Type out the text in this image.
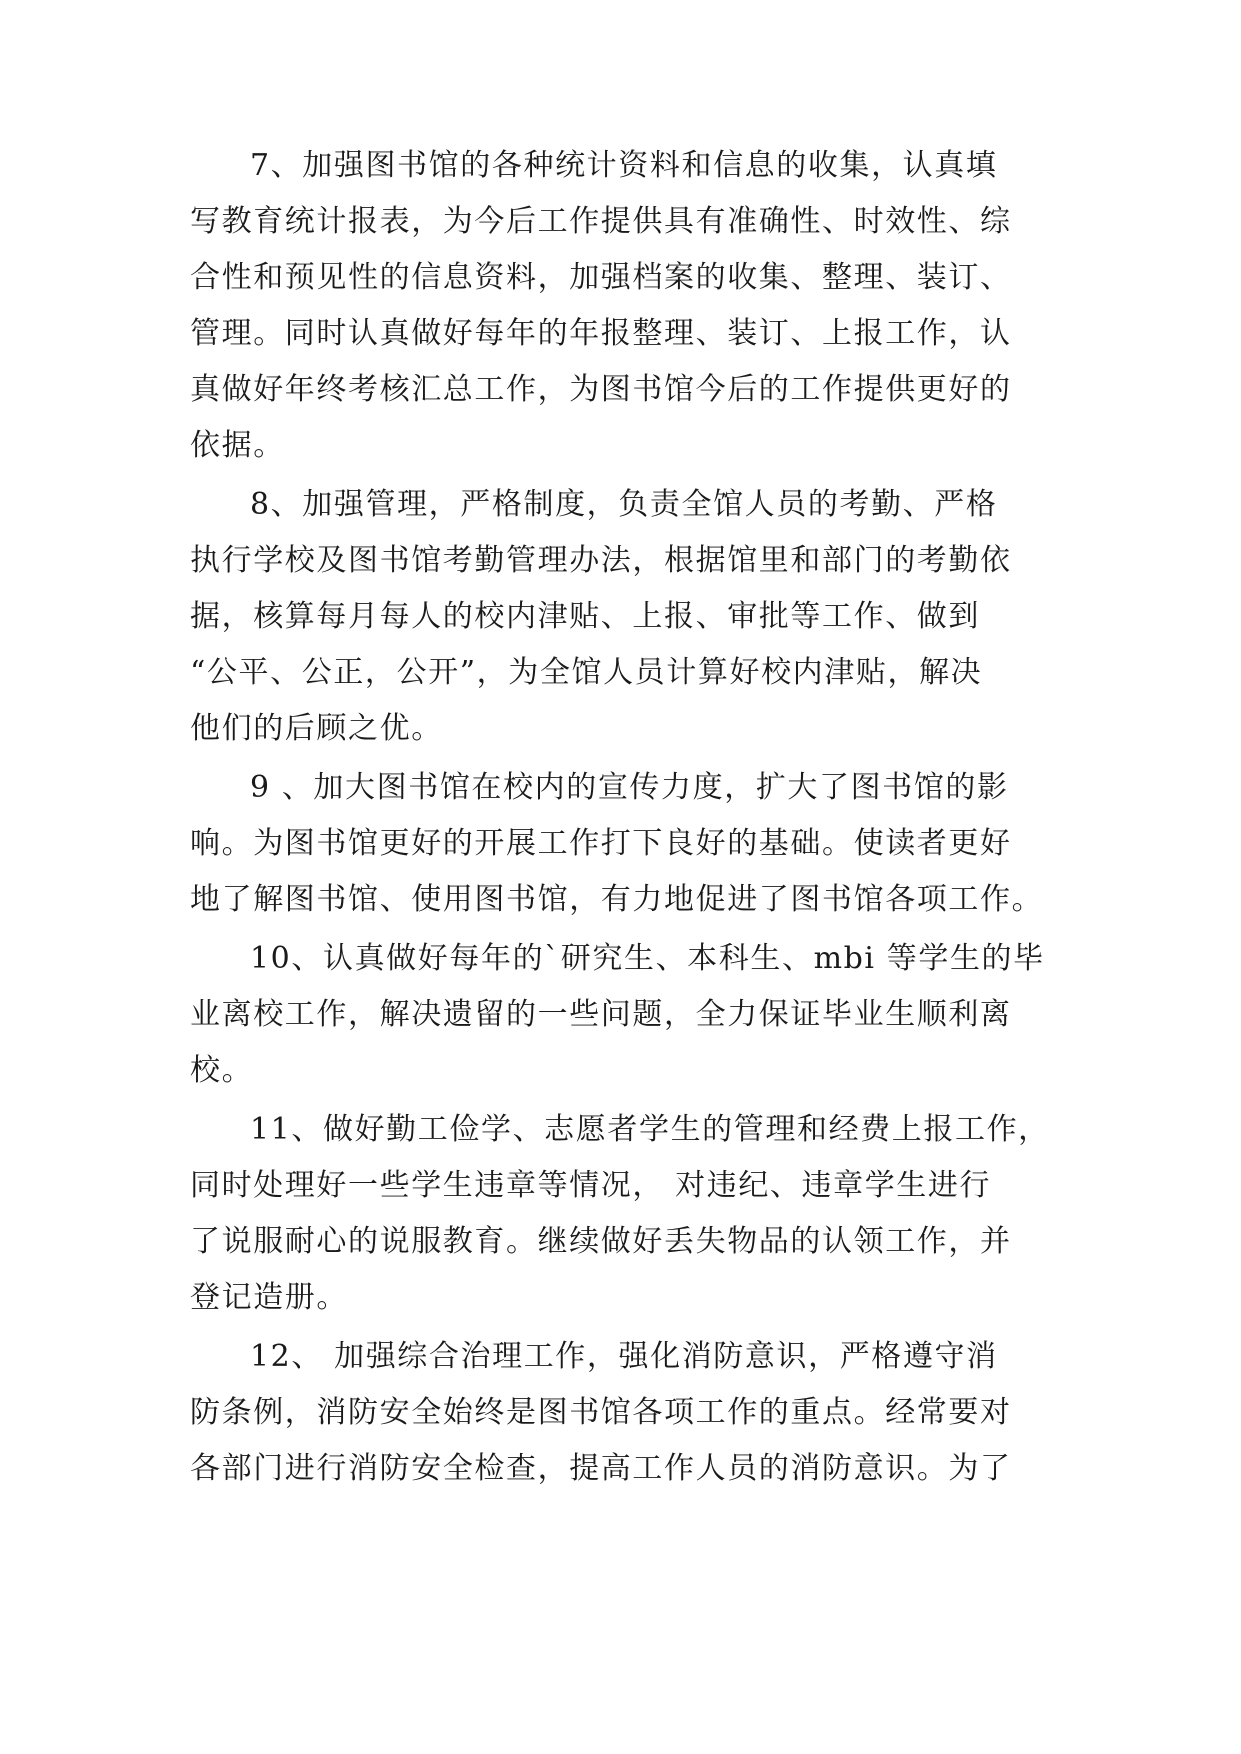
7、加强图书馆的各种统计资料和信息的收集，认真填
写教育统计报表，为今后工作提供具有准确性、时效性、综
合性和预见性的信息资料，加强档案的收集、整理、装订、
管理。同时认真做好每年的年报整理、装订、上报工作，认
真做好年终考核汇总工作，为图书馆今后的工作提供更好的
依据。
8、加强管理，严格制度，负责全馆人员的考勤、严格
执行学校及图书馆考勤管理办法，根据馆里和部门的考勤依
据，核算每月每人的校内津贴、上报、审批等工作、做到
“公平、公正，公开”，为全馆人员计算好校内津贴，解决
他们的后顾之优。
9 、加大图书馆在校内的宣传力度，扩大了图书馆的影
响。为图书馆更好的开展工作打下良好的基础。使读者更好
地了解图书馆、使用图书馆，有力地促进了图书馆各项工作。
10、认真做好每年的`研究生、本科生、mbi 等学生的毕
业离校工作，解决遗留的一些问题，全力保证毕业生顺利离
校。
11、做好勤工俭学、志愿者学生的管理和经费上报工作，
同时处理好一些学生违章等情况， 对违纪、违章学生进行
了说服耐心的说服教育。继续做好丢失物品的认领工作，并
登记造册。
12、 加强综合治理工作，强化消防意识，严格遵守消
防条例，消防安全始终是图书馆各项工作的重点。经常要对
各部门进行消防安全检查，提高工作人员的消防意识。为了
